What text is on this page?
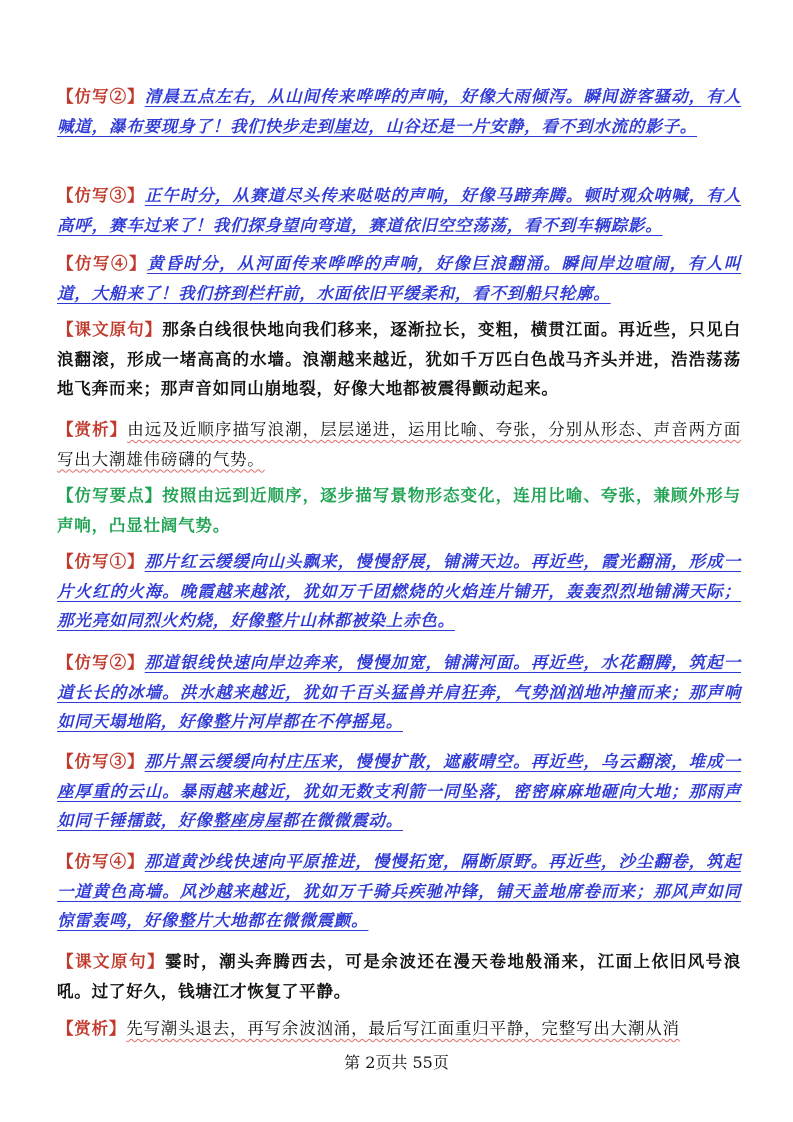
【仿写②】清晨五点左右，从山间传来哗哗的声响，好像大雨倾泻。瞬间游客骚动，有人喊道，瀑布要现身了！我们快步走到崖边，山谷还是一片安静，看不到水流的影子。
【仿写③】正午时分，从赛道尽头传来哒哒的声响，好像马蹄奔腾。顿时观众呐喊，有人高呼，赛车过来了！我们探身望向弯道，赛道依旧空空荡荡，看不到车辆踪影。
【仿写④】黄昏时分，从河面传来哗哗的声响，好像巨浪翻涌。瞬间岸边喧闹，有人叫道，大船来了！我们挤到栏杆前，水面依旧平缓柔和，看不到船只轮廓。
【课文原句】那条白线很快地向我们移来，逐渐拉长，变粗，横贯江面。再近些，只见白浪翻滚，形成一堵高高的水墙。浪潮越来越近，犹如千万匹白色战马齐头并进，浩浩荡荡地飞奔而来；那声音如同山崩地裂，好像大地都被震得颤动起来。
【赏析】由远及近顺序描写浪潮，层层递进，运用比喻、夸张，分别从形态、声音两方面写出大潮雄伟磅礴的气势。
【仿写要点】按照由远到近顺序，逐步描写景物形态变化，连用比喻、夸张，兼顾外形与声响，凸显壮阔气势。
【仿写①】那片红云缓缓向山头飘来，慢慢舒展，铺满天边。再近些，霞光翻涌，形成一片火红的火海。晚霞越来越浓，犹如万千团燃烧的火焰连片铺开，轰轰烈烈地铺满天际；那光亮如同烈火灼烧，好像整片山林都被染上赤色。
【仿写②】那道银线快速向岸边奔来，慢慢加宽，铺满河面。再近些，水花翻腾，筑起一道长长的冰墙。洪水越来越近，犹如千百头猛兽并肩狂奔，气势汹汹地冲撞而来；那声响如同天塌地陷，好像整片河岸都在不停摇晃。
【仿写③】那片黑云缓缓向村庄压来，慢慢扩散，遮蔽晴空。再近些，乌云翻滚，堆成一座厚重的云山。暴雨越来越近，犹如无数支利箭一同坠落，密密麻麻地砸向大地；那雨声如同千锤擂鼓，好像整座房屋都在微微震动。
【仿写④】那道黄沙线快速向平原推进，慢慢拓宽，隔断原野。再近些，沙尘翻卷，筑起一道黄色高墙。风沙越来越近，犹如万千骑兵疾驰冲锋，铺天盖地席卷而来；那风声如同惊雷轰鸣，好像整片大地都在微微震颤。
【课文原句】霎时，潮头奔腾西去，可是余波还在漫天卷地般涌来，江面上依旧风号浪吼。过了好久，钱塘江才恢复了平静。
【赏析】先写潮头退去，再写余波汹涌，最后写江面重归平静，完整写出大潮从消
第 2页共 55页
